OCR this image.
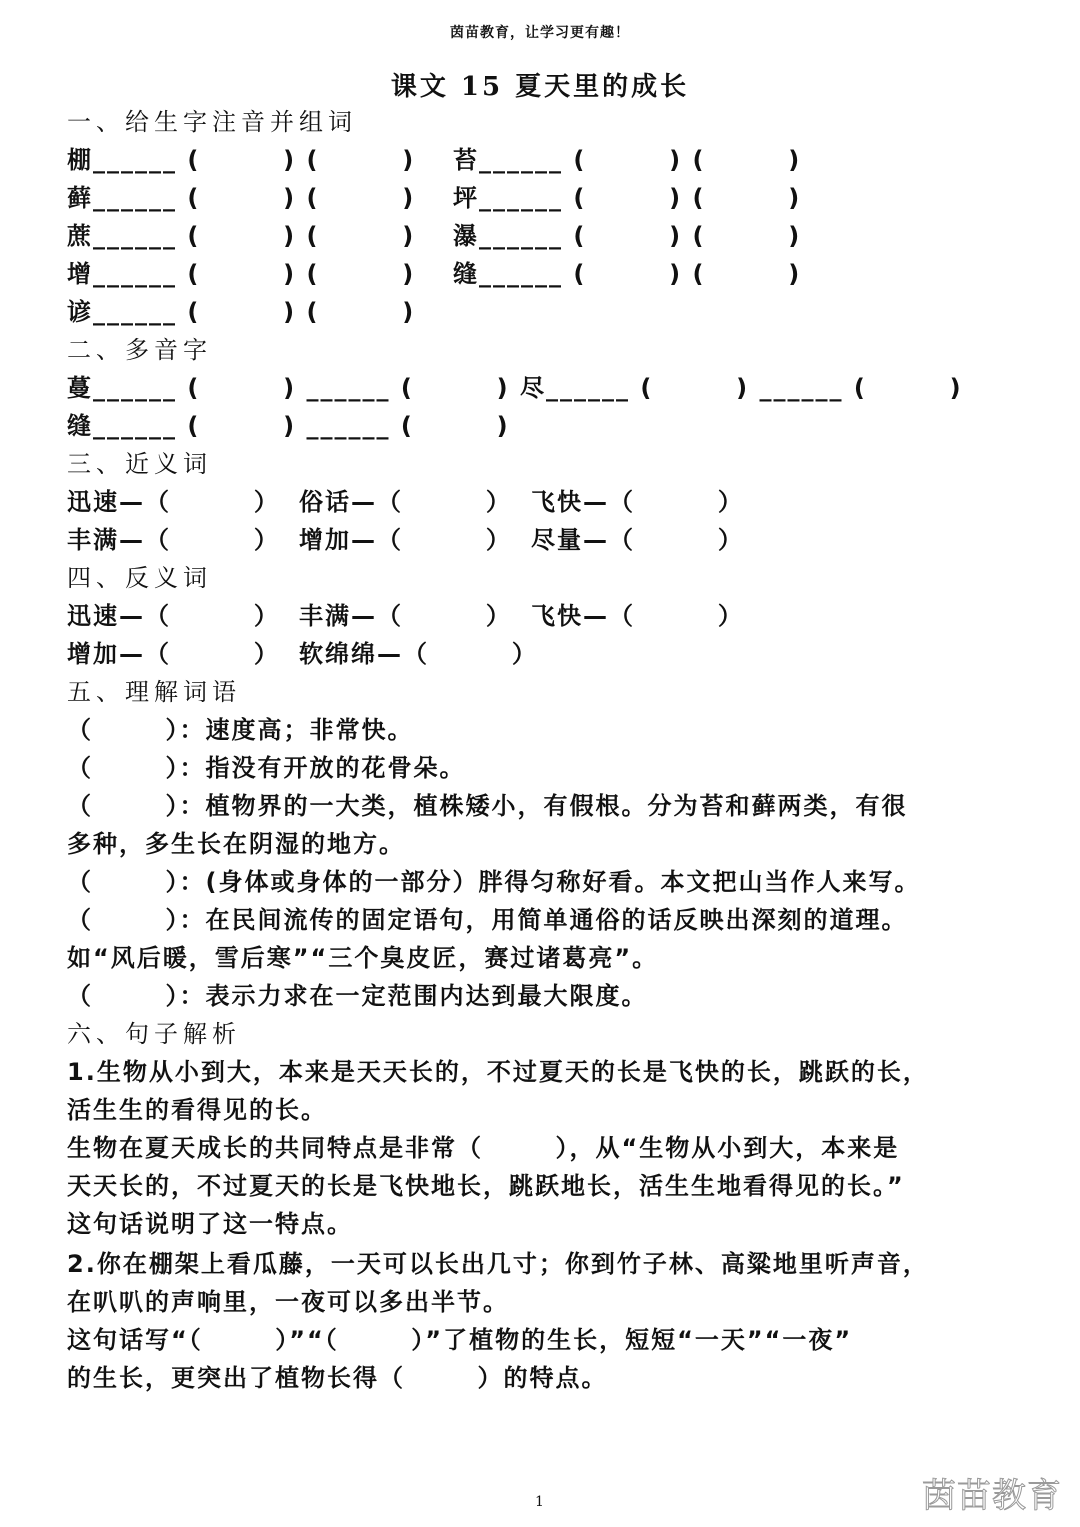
茵苗教育，让学习更有趣！
课文 15 夏天里的成长
一、给生字注音并组词
棚______ (        ) (        ) 苔______ (        ) (        )
藓______ (        ) (        ) 坪______ (        ) (        )
蔗______ (        ) (        ) 瀑______ (        ) (        )
增______ (        ) (        ) 缝______ (        ) (        )
谚______ (        ) (        )
二、多音字
蔓______ (        ) ______ (        ) 尽______ (        ) ______ (        )
缝______ (        ) ______ (        )
三、近义词
迅速—（        ） 俗话—（        ） 飞快—（        ）
丰满—（        ） 增加—（        ） 尽量—（        ）
四、反义词
迅速—（        ） 丰满—（        ） 飞快—（        ）
增加—（        ） 软绵绵—（        ）
五、理解词语
（       ）：速度高；非常快。
（       ）：指没有开放的花骨朵。
（       ）：植物界的一大类，植株矮小，有假根。分为苔和藓两类，有很
多种，多生长在阴湿的地方。
（       ）：(身体或身体的一部分）胖得匀称好看。本文把山当作人来写。
（       ）：在民间流传的固定语句，用简单通俗的话反映出深刻的道理。
如“风后暖，雪后寒”“三个臭皮匠，赛过诸葛亮”。
（       ）：表示力求在一定范围内达到最大限度。
六、句子解析
1.生物从小到大，本来是天天长的，不过夏天的长是飞快的长，跳跃的长，
活生生的看得见的长。
生物在夏天成长的共同特点是非常（       ），从“生物从小到大，本来是
天天长的，不过夏天的长是飞快地长，跳跃地长，活生生地看得见的长。”
这句话说明了这一特点。
2.你在棚架上看瓜藤，一天可以长出几寸；你到竹子林、高粱地里听声音，
在叭叭的声响里，一夜可以多出半节。
这句话写“（       ）”“（       ）”了植物的生长，短短“一天”“一夜”
的生长，更突出了植物长得（       ）的特点。
1	茵苗教育
